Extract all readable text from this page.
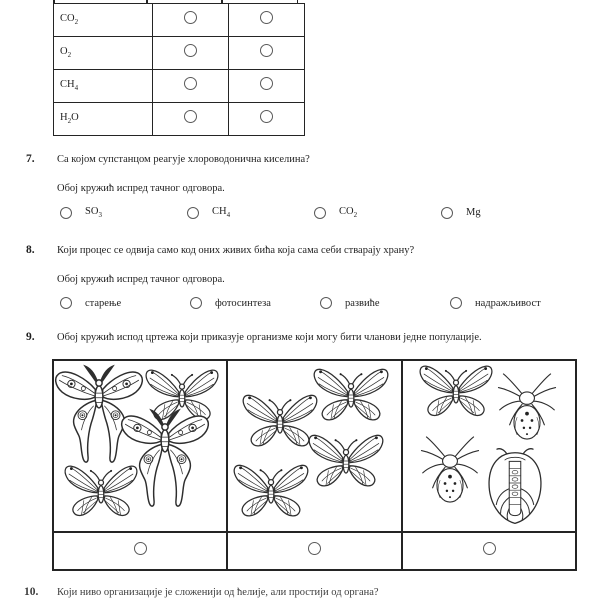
$CO_2$		
$O_2$		
$CH_4$		
$H_2O$		
7. Са којом супстанцом реагује хлороводонична киселина?
Обој кружић испред тачног одговора.
$SO_3$	$CH_4$	$CO_2$	Mg
8. Који процес се одвија само код оних живих бића која сама себи стварају храну?
Обој кружић испред тачног одговора.
старење	фотосинтеза	развиће	надражљивост
9. Обој кружић испод цртежа који приказује организме који могу бити чланови једне популације.

10. Који ниво организације је сложенији од ћелије, али простији од органа?
